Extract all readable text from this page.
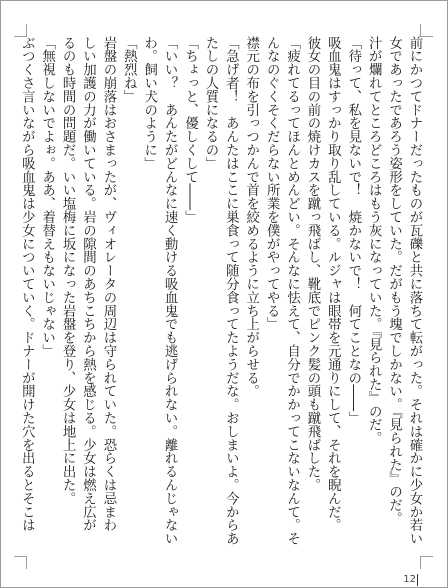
前にかつてドナーだったものが瓦礫と共に落ちて転がった。それは確かに少女か若い
女であったであろう姿形をしていた。だがもう塊でしかない。『見られた』のだ。
汁が爛れてところどころはもう灰になっていた。『見られた』のだ。
「待って、私を見ないで！　焼かないで！　何てことなの――」
吸血鬼はすっかり取り乱している。ルジャは眼帯を元通りにして、それを睨んだ。
彼女の目の前の焼けカスを蹴っ飛ばし、靴底でピンク髪の頭も蹴飛ばした。
「疲れてるってほんとめんどい。そんなに怯えて、自分でかかってこないなんて。そ
んなのぐくそくだらない所業を僕がやってやる」
襟元の布を引っつかんで首を絞めるように立ち上がらせる。
「急げ者！　あんたはここに巣食って随分食ってたようだな。おしまいよ。今からあ
たしの人質になるの」
「ちょっと、優しくして――」
「いい？　あんたがどんなに速く動ける吸血鬼でも逃げられない。離れるんじゃない
わ。飼い犬のように」
「熱烈ね」
岩盤の崩落はおさまったが、ヴィオレータの周辺は守られていた。恐らくは忌まわ
しい加護の力が働いている。岩の隙間のあちこちから熱を感じる。少女は燃え広が
るのも時間の問題だ。いい塩梅に坂になった岩盤を登り、少女は地上に出た。
「無視しないでよぉ。ああ、着替えもないじゃない」
ぶつくさ言いながら吸血鬼は少女についていく。ドナーが開けた穴を出るとそこは
12
